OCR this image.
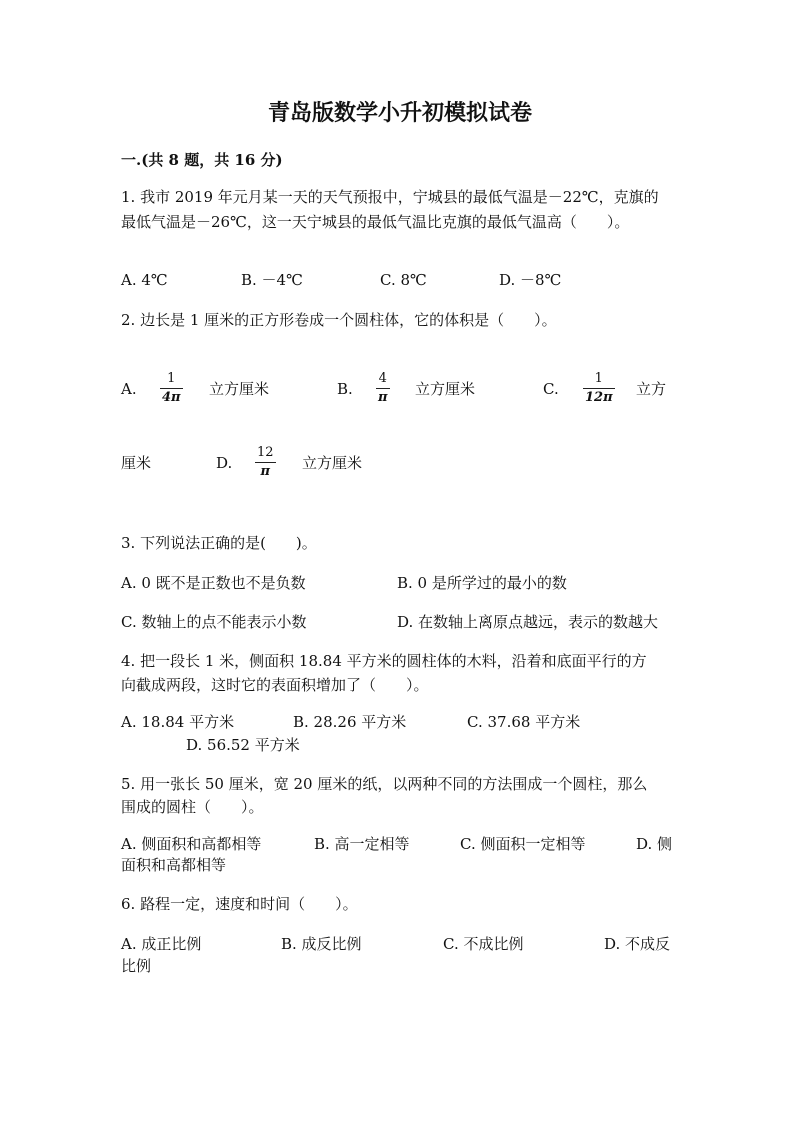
青岛版数学小升初模拟试卷
一.(共 8 题，共 16 分)
1. 我市 2019 年元月某一天的天气预报中，宁城县的最低气温是－22℃，克旗的
最低气温是－26℃，这一天宁城县的最低气温比克旗的最低气温高（　　）。
A. 4℃	B. －4℃	C. 8℃	D. －8℃
2. 边长是 1 厘米的正方形卷成一个圆柱体，它的体积是（　　）。
A.
1
4π 立方厘米	B.
4
π 立方厘米	C.
1
12π 立方
厘米	D.
12
π 立方厘米
3. 下列说法正确的是(　　)。
A. 0 既不是正数也不是负数	B. 0 是所学过的最小的数
C. 数轴上的点不能表示小数	D. 在数轴上离原点越远，表示的数越大
4. 把一段长 1 米，侧面积 18.84 平方米的圆柱体的木料，沿着和底面平行的方
向截成两段，这时它的表面积增加了（　　）。
A. 18.84 平方米	B. 28.26 平方米	C. 37.68 平方米
D. 56.52 平方米
5. 用一张长 50 厘米，宽 20 厘米的纸，以两种不同的方法围成一个圆柱，那么
围成的圆柱（　　）。
A. 侧面积和高都相等	B. 高一定相等	C. 侧面积一定相等	D. 侧
面积和高都相等
6. 路程一定，速度和时间（　　）。
A. 成正比例	B. 成反比例	C. 不成比例	D. 不成反
比例
